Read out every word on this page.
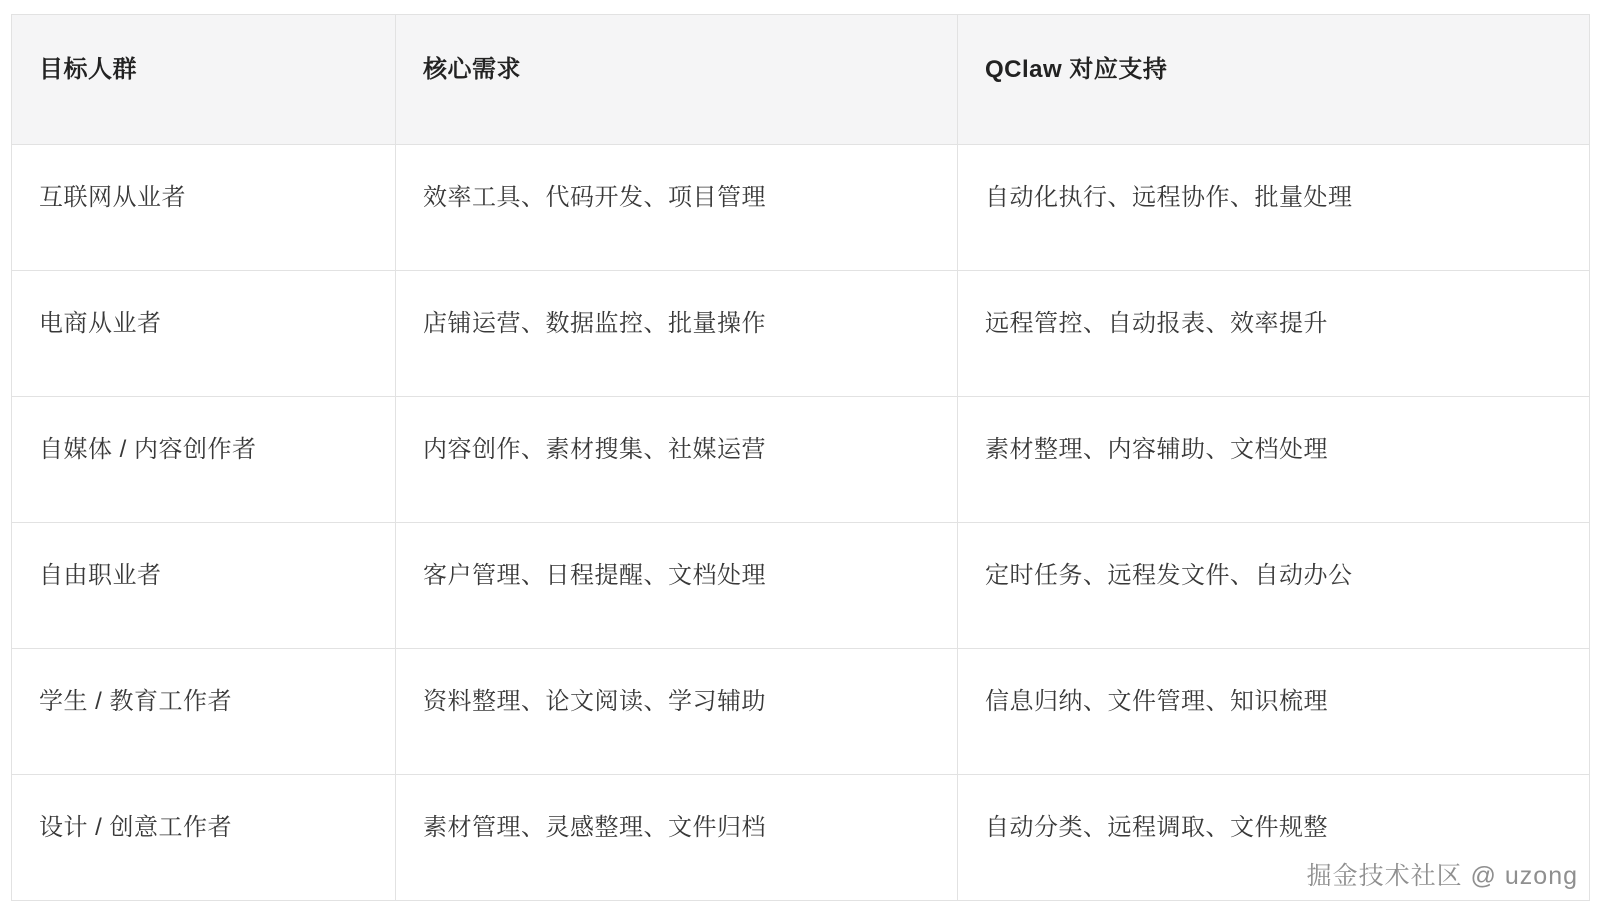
目标人群	核心需求	QClaw 对应支持
互联网从业者	效率工具、代码开发、项目管理	自动化执行、远程协作、批量处理
电商从业者	店铺运营、数据监控、批量操作	远程管控、自动报表、效率提升
自媒体 / 内容创作者	内容创作、素材搜集、社媒运营	素材整理、内容辅助、文档处理
自由职业者	客户管理、日程提醒、文档处理	定时任务、远程发文件、自动办公
学生 / 教育工作者	资料整理、论文阅读、学习辅助	信息归纳、文件管理、知识梳理
设计 / 创意工作者	素材管理、灵感整理、文件归档	自动分类、远程调取、文件规整
掘金技术社区 @ uzong
